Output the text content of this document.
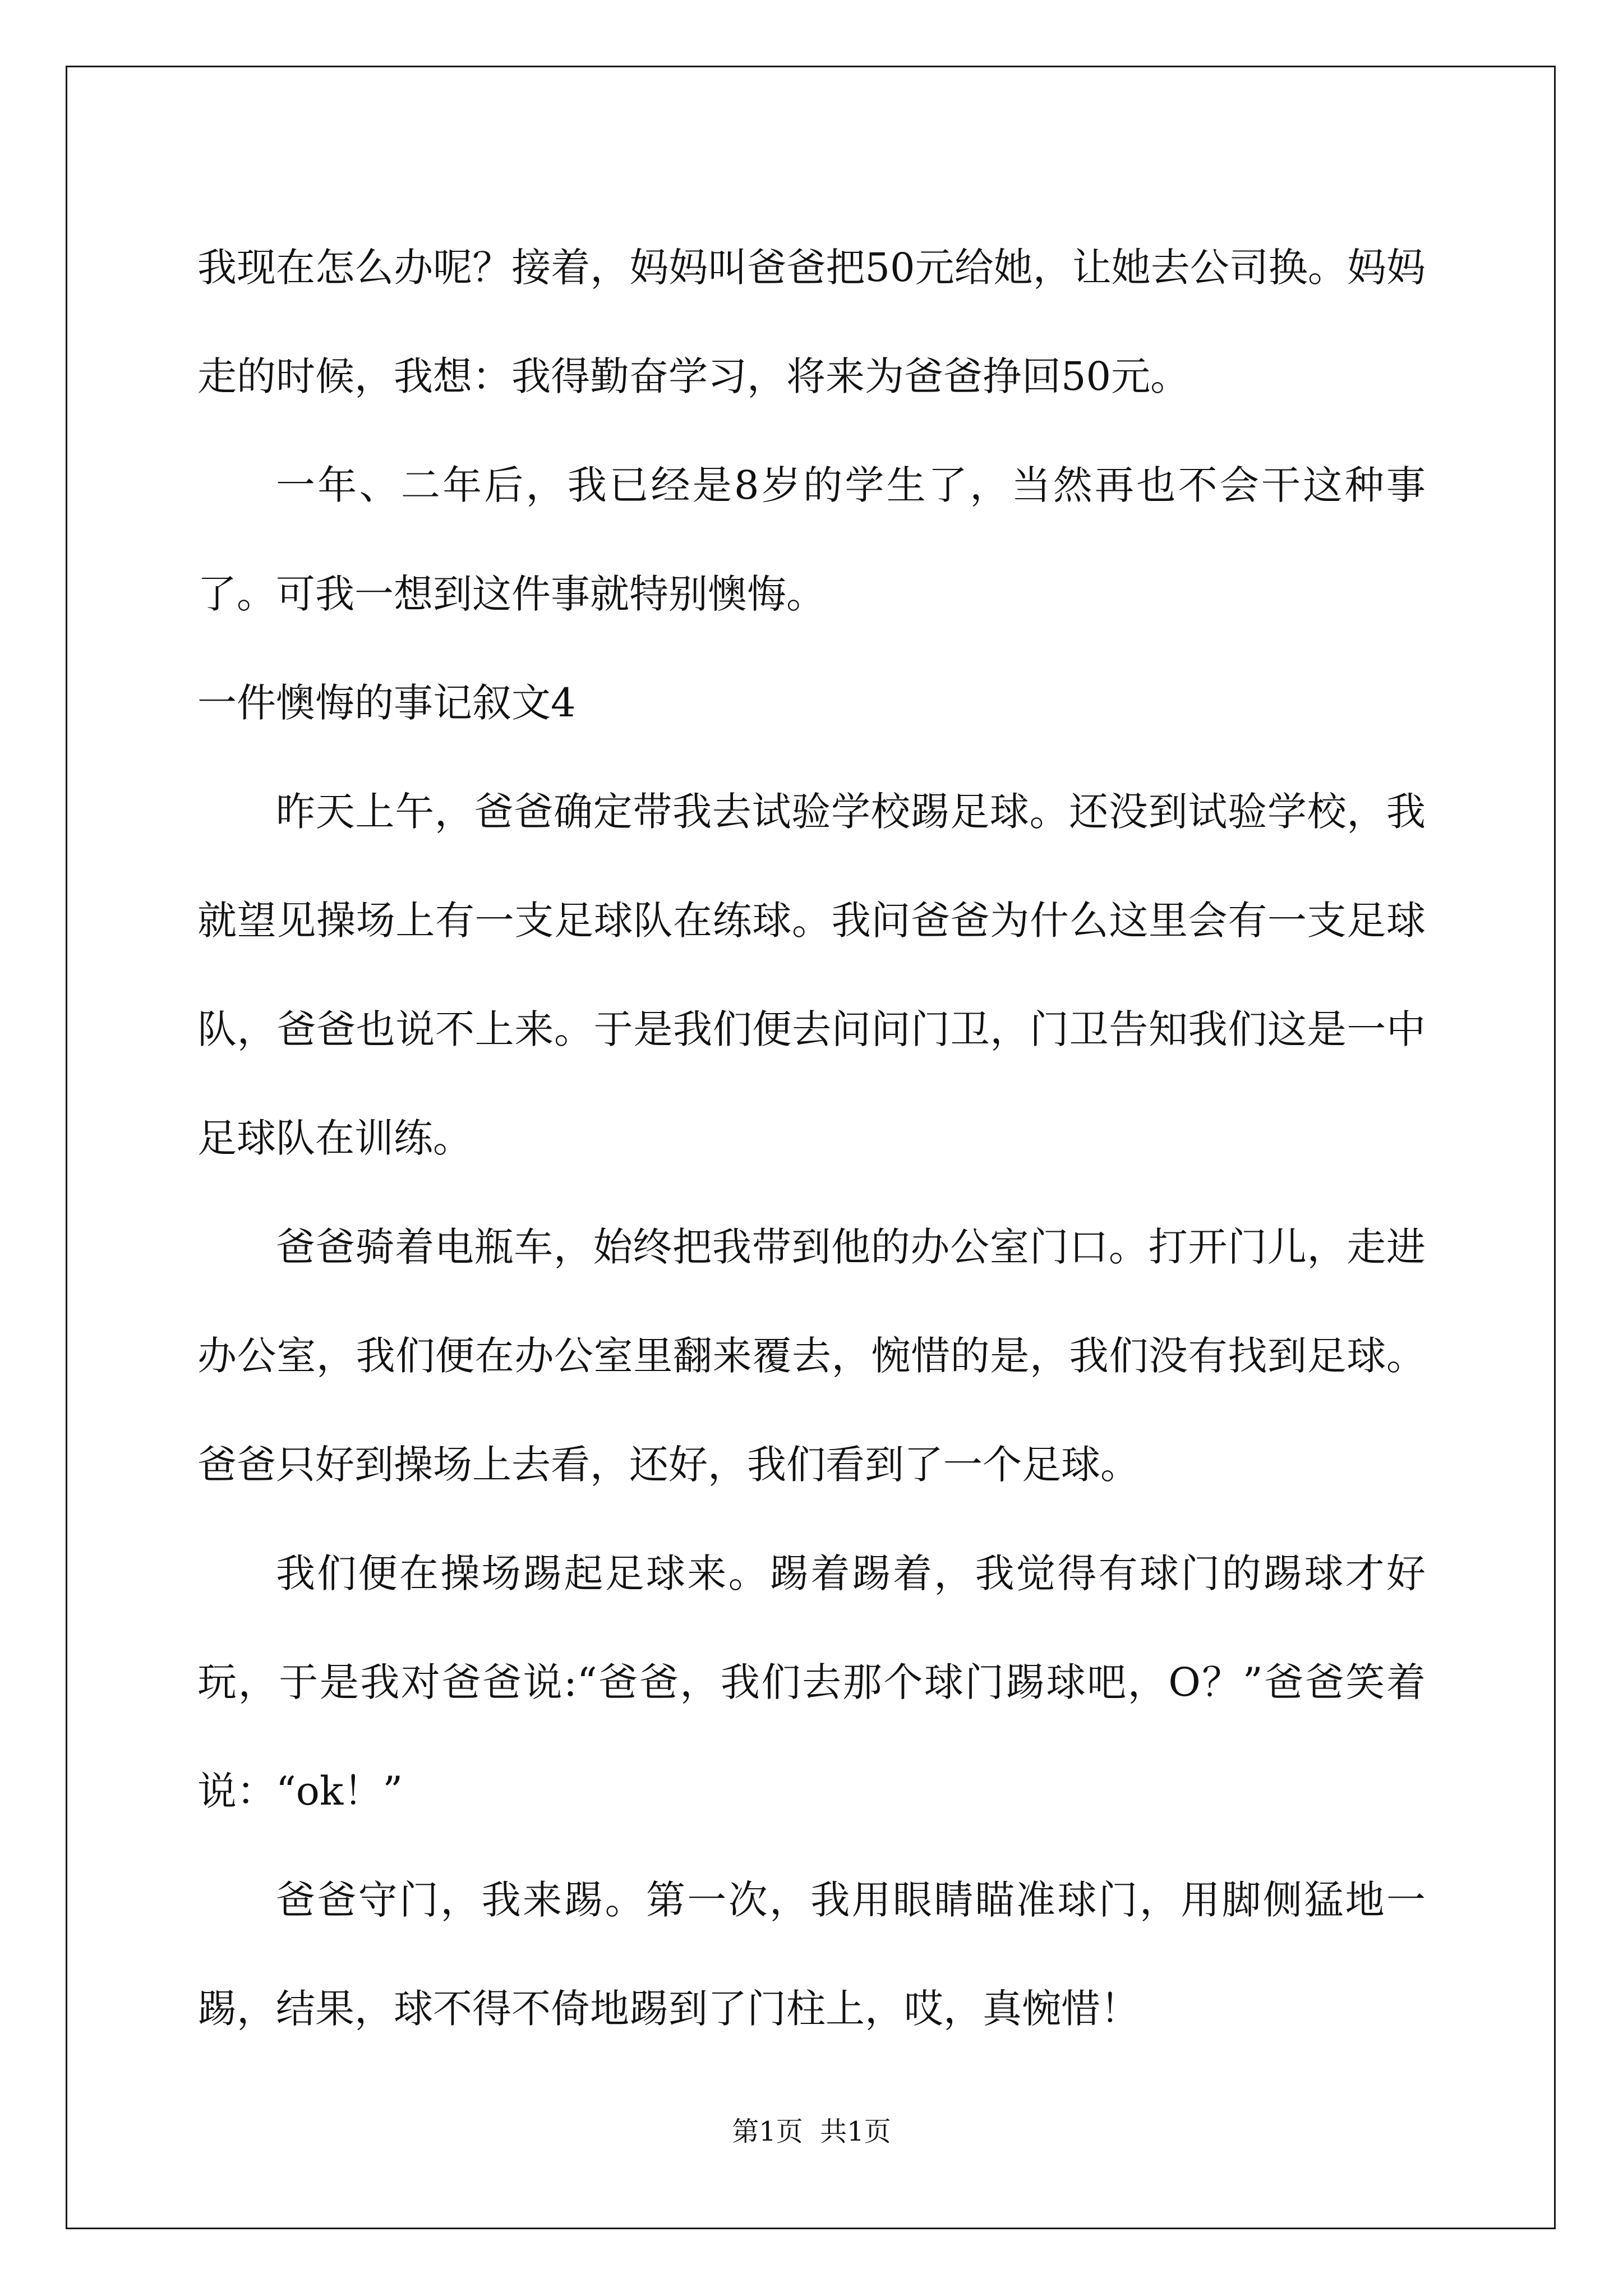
我现在怎么办呢？接着，妈妈叫爸爸把50元给她，让她去公司换。妈妈走的时候，我想：我得勤奋学习，将来为爸爸挣回50元。

一年、二年后，我已经是8岁的学生了，当然再也不会干这种事了。可我一想到这件事就特别懊悔。

一件懊悔的事记叙文4

昨天上午，爸爸确定带我去试验学校踢足球。还没到试验学校，我就望见操场上有一支足球队在练球。我问爸爸为什么这里会有一支足球队，爸爸也说不上来。于是我们便去问问门卫，门卫告知我们这是一中足球队在训练。

爸爸骑着电瓶车，始终把我带到他的办公室门口。打开门儿，走进办公室，我们便在办公室里翻来覆去，惋惜的是，我们没有找到足球。爸爸只好到操场上去看，还好，我们看到了一个足球。

我们便在操场踢起足球来。踢着踢着，我觉得有球门的踢球才好玩，于是我对爸爸说:“爸爸，我们去那个球门踢球吧，O？”爸爸笑着说：“ok！”

爸爸守门，我来踢。第一次，我用眼睛瞄准球门，用脚侧猛地一踢，结果，球不得不倚地踢到了门柱上，哎，真惋惜！

第1页  共1页
